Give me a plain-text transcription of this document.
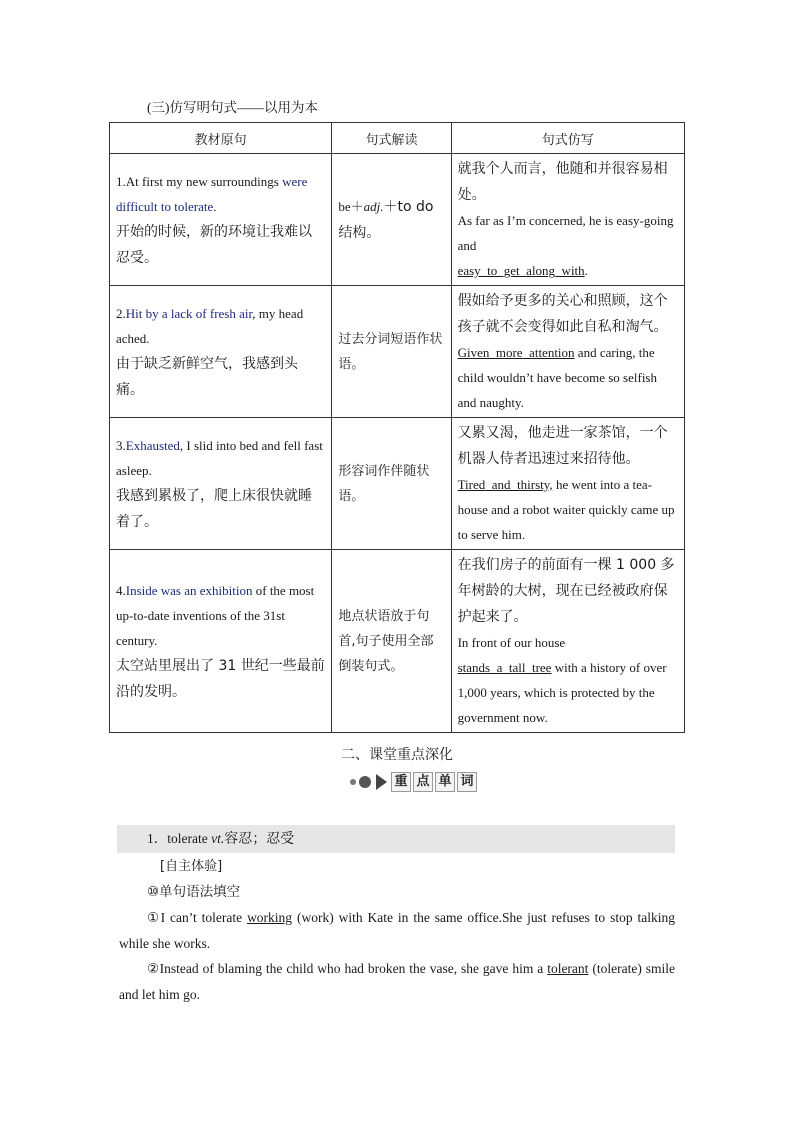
(三)仿写明句式——以用为本
教材原句	句式解读	句式仿写
1.At first my new surroundings were difficult to tolerate.
开始的时候，新的环境让我难以忍受。	be＋adj.＋to do结构。	就我个人而言，他随和并很容易相处。
As far as I’m concerned, he is easy-going and
easy_to_get_along_with.
2.Hit by a lack of fresh air, my head ached.
由于缺乏新鲜空气，我感到头痛。	过去分词短语作状语。	假如给予更多的关心和照顾，这个孩子就不会变得如此自私和淘气。
Given_more_attention and caring, the child wouldn’t have become so selfish and naughty.
3.Exhausted, I slid into bed and fell fast asleep.
我感到累极了，爬上床很快就睡着了。	形容词作伴随状语。	又累又渴，他走进一家茶馆，一个机器人侍者迅速过来招待他。
Tired_and_thirsty, he went into a tea-house and a robot waiter quickly came up to serve him.
4.Inside was an exhibition of the most up-to-date inventions of the 31st century.
太空站里展出了 31 世纪一些最前沿的发明。	地点状语放于句首,句子使用全部倒装句式。	在我们房子的前面有一棵 1 000 多年树龄的大树，现在已经被政府保护起来了。
In front of our house
stands_a_tall_tree with a history of over 1,000 years, which is protected by the government now.
二、课堂重点深化
重 点 单 词
1．tolerate vt.容忍；忍受
[自主体验]
⑩单句语法填空
①I can’t tolerate working (work) with Kate in the same office.She just refuses to stop talking while she works.
②Instead of blaming the child who had broken the vase, she gave him a tolerant (tolerate) smile and let him go.
